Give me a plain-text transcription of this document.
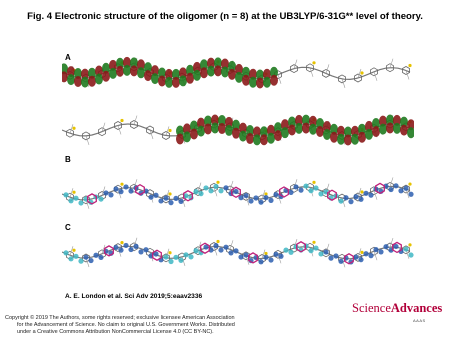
Fig. 4 Electronic structure of the oligomer (n = 8) at the UB3LYP/6-31G** level of theory.
A
B
C
A. E. London et al. Sci Adv 2019;5:eaav2336
Copyright © 2019 The Authors, some rights reserved; exclusive licensee American Association
for the Advancement of Science. No claim to original U.S. Government Works. Distributed
under a Creative Commons Attribution NonCommercial License 4.0 (CC BY-NC).
ScienceAdvances
AAAS
